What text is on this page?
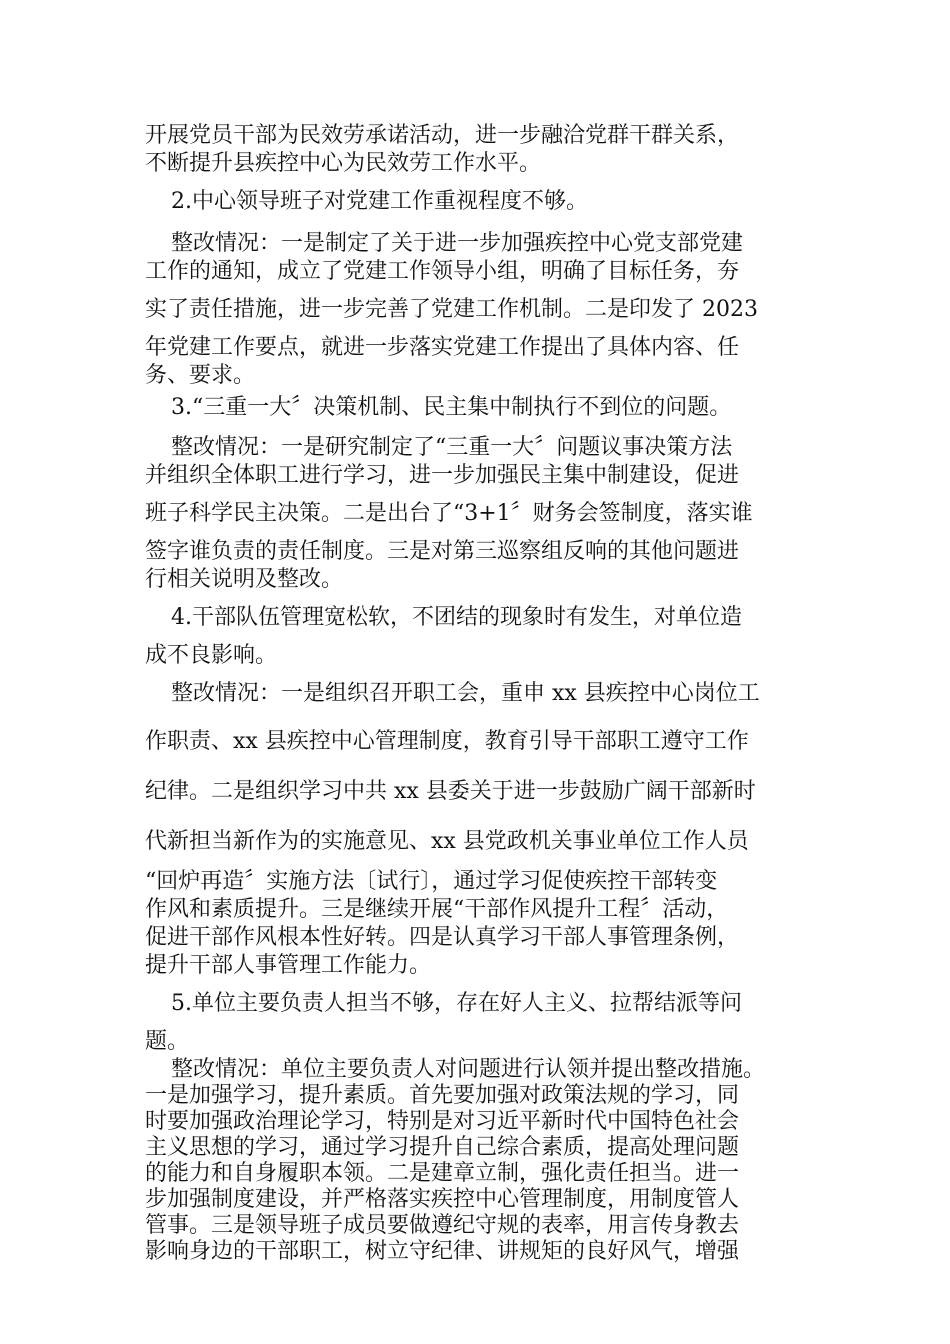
开展党员干部为民效劳承诺活动，进一步融洽党群干群关系，
不断提升县疾控中心为民效劳工作水平。
2.中心领导班子对党建工作重视程度不够。
整改情况：一是制定了关于进一步加强疾控中心党支部党建
工作的通知，成立了党建工作领导小组，明确了目标任务，夯
实了责任措施，进一步完善了党建工作机制。二是印发了 2023
年党建工作要点，就进一步落实党建工作提出了具体内容、任
务、要求。
3.“三重一大〞决策机制、民主集中制执行不到位的问题。
整改情况：一是研究制定了“三重一大〞问题议事决策方法
并组织全体职工进行学习，进一步加强民主集中制建设，促进
班子科学民主决策。二是出台了“3+1〞财务会签制度，落实谁
签字谁负责的责任制度。三是对第三巡察组反响的其他问题进
行相关说明及整改。
4.干部队伍管理宽松软，不团结的现象时有发生，对单位造
成不良影响。
整改情况：一是组织召开职工会，重申 xx 县疾控中心岗位工
作职责、xx 县疾控中心管理制度，教育引导干部职工遵守工作
纪律。二是组织学习中共 xx 县委关于进一步鼓励广阔干部新时
代新担当新作为的实施意见、xx 县党政机关事业单位工作人员
“回炉再造〞实施方法〔试行〕，通过学习促使疾控干部转变
作风和素质提升。三是继续开展“干部作风提升工程〞活动，
促进干部作风根本性好转。四是认真学习干部人事管理条例，
提升干部人事管理工作能力。
5.单位主要负责人担当不够，存在好人主义、拉帮结派等问
题。
整改情况：单位主要负责人对问题进行认领并提出整改措施。
一是加强学习，提升素质。首先要加强对政策法规的学习，同
时要加强政治理论学习，特别是对习近平新时代中国特色社会
主义思想的学习，通过学习提升自己综合素质，提高处理问题
的能力和自身履职本领。二是建章立制，强化责任担当。进一
步加强制度建设，并严格落实疾控中心管理制度，用制度管人
管事。三是领导班子成员要做遵纪守规的表率，用言传身教去
影响身边的干部职工，树立守纪律、讲规矩的良好风气，增强
